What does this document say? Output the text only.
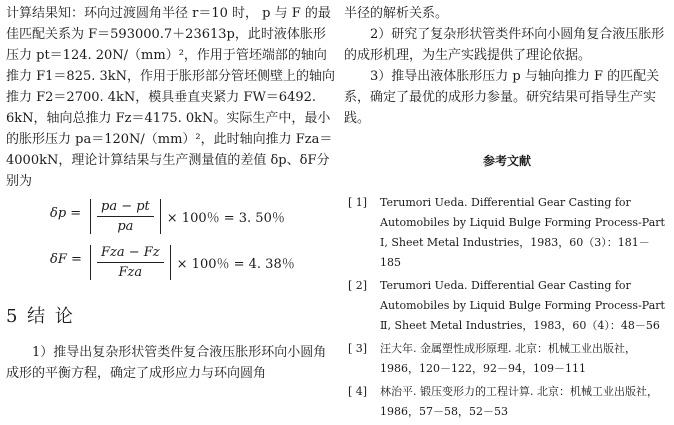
计算结果知：环向过渡圆角半径 r＝10 时， p 与 F 的最佳匹配关系为 F＝593000.7＋23613p，此时液体胀形压力 pt＝124. 20N/（mm）²，作用于管坯端部的轴向推力 F1＝825. 3kN，作用于胀形部分管坯侧壁上的轴向推力 F2＝2700. 4kN，模具垂直夹紧力 FW＝6492. 6kN，轴向总推力 Fz＝4175. 0kN。实际生产中，最小的胀形压力 pa＝120N/（mm）²，此时轴向推力 Fza＝4000kN，理论计算结果与生产测量值的差值 δp、δF分别为

$\delta p = \frac{pa - pt}{pa} \times 100$％ = 3. 50％
$\delta F = \frac{\text{Fza − Fz}}{\text{Fza}} \times 100$％ = 4. 38％
5 结 论

1）推导出复杂形状管类件复合液压胀形环向小圆角成形的平衡方程，确定了成形应力与环向圆角

半径的解析关系。

2）研究了复杂形状管类件环向小圆角复合液压胀形的成形机理，为生产实践提供了理论依据。

3）推导出液体胀形压力 p 与轴向推力 F 的匹配关系，确定了最优的成形力参量。研究结果可指导生产实践。

参考文献
[ 1] Terumori Ueda. Differential Gear Casting for Automobiles by Liquid Bulge Forming Process-Part Ⅰ, Sheet Metal Industries，1983，60（3）：181－185
[ 2] Terumori Ueda. Differential Gear Casting for Automobiles by Liquid Bulge Forming Process-Part Ⅱ, Sheet Metal Industries，1983，60（4）：48－56
[ 3] 汪大年. 金属塑性成形原理. 北京：机械工业出版社，1986，120－122，92－94，109－111
[ 4] 林治平. 锻压变形力的工程计算. 北京：机械工业出版社，1986，57－58，52－53
